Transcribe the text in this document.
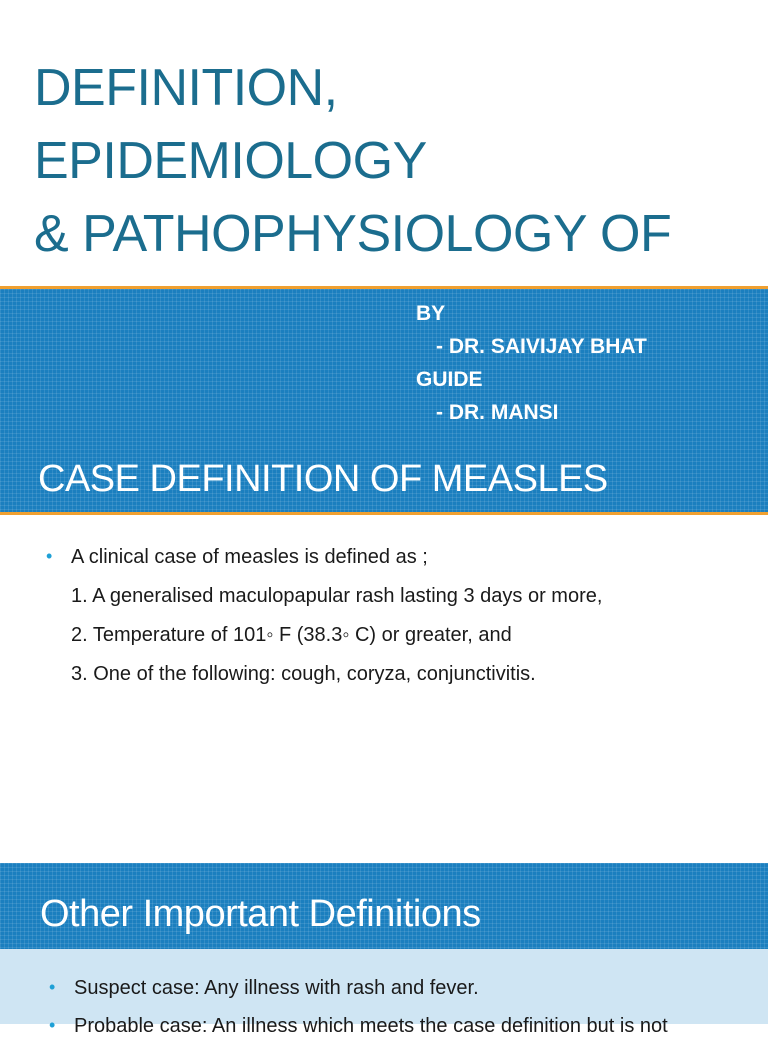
DEFINITION, EPIDEMIOLOGY
& PATHOPHYSIOLOGY OF
BY
- DR. SAIVIJAY BHAT
GUIDE
- DR. MANSI
CASE DEFINITION OF MEASLES
• A clinical case of measles is defined as ;
1. A generalised maculopapular rash lasting 3 days or more,
2. Temperature of 101◦ F (38.3◦ C) or greater, and
3. One of the following: cough, coryza, conjunctivitis.
Other Important Definitions
• Suspect case: Any illness with rash and fever.
• Probable case: An illness which meets the case definition but is not
